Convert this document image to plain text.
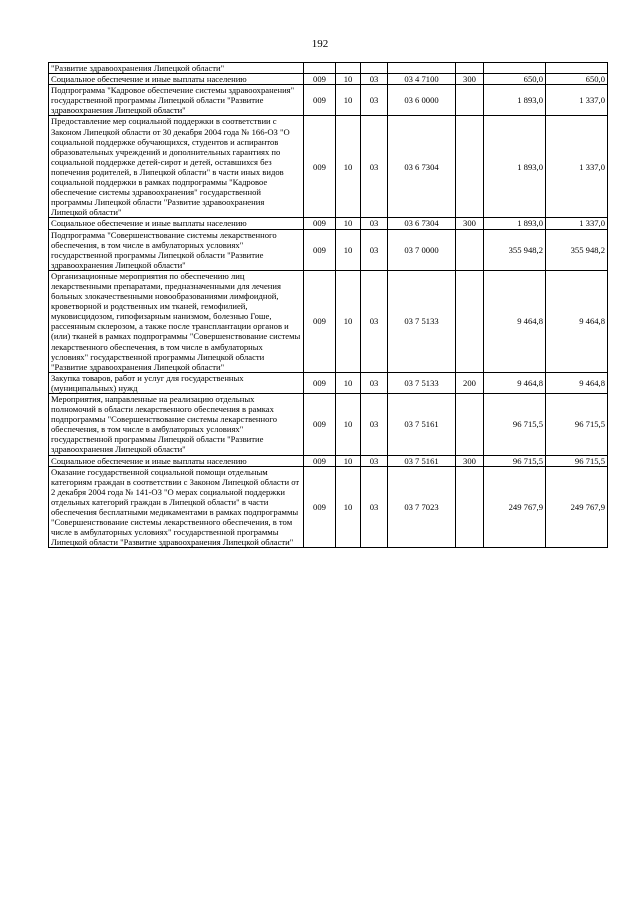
192
"Развитие здравоохранения Липецкой области"							
Социальное обеспечение и иные выплаты населению	009	10	03	03 4 7100	300	650,0	650,0
Подпрограмма "Кадровое обеспечение системы здравоохранения" государственной программы Липецкой области "Развитие здравоохранения Липецкой области"	009	10	03	03 6 0000		1 893,0	1 337,0
Предоставление мер социальной поддержки в соответствии с Законом Липецкой области от 30 декабря 2004 года № 166-ОЗ "О социальной поддержке обучающихся, студентов и аспирантов образовательных учреждений и дополнительных гарантиях по социальной поддержке детей-сирот и детей, оставшихся без попечения родителей, в Липецкой области" в части иных видов социальной поддержки в рамках подпрограммы "Кадровое обеспечение системы здравоохранения" государственной программы Липецкой области "Развитие здравоохранения Липецкой области"	009	10	03	03 6 7304		1 893,0	1 337,0
Социальное обеспечение и иные выплаты населению	009	10	03	03 6 7304	300	1 893,0	1 337,0
Подпрограмма "Совершенствование системы лекарственного обеспечения, в том числе в амбулаторных условиях" государственной программы Липецкой области "Развитие здравоохранения Липецкой области"	009	10	03	03 7 0000		355 948,2	355 948,2
Организационные мероприятия по обеспечению лиц лекарственными препаратами, предназначенными для лечения больных злокачественными новообразованиями лимфоидной, кроветворной и родственных им тканей, гемофилией, муковисцидозом, гипофизарным нанизмом, болезнью Гоше, рассеянным склерозом, а также после трансплантации органов и (или) тканей в рамках подпрограммы "Совершенствование системы лекарственного обеспечения, в том числе в амбулаторных условиях" государственной программы Липецкой области "Развитие здравоохранения Липецкой области"	009	10	03	03 7 5133		9 464,8	9 464,8
Закупка товаров, работ и услуг для государственных (муниципальных) нужд	009	10	03	03 7 5133	200	9 464,8	9 464,8
Мероприятия, направленные на реализацию отдельных полномочий в области лекарственного обеспечения в рамках подпрограммы "Совершенствование системы лекарственного обеспечения, в том числе в амбулаторных условиях" государственной программы Липецкой области "Развитие здравоохранения Липецкой области"	009	10	03	03 7 5161		96 715,5	96 715,5
Социальное обеспечение и иные выплаты населению	009	10	03	03 7 5161	300	96 715,5	96 715,5
Оказание государственной социальной помощи отдельным категориям граждан в соответствии с Законом Липецкой области от 2 декабря 2004 года № 141-ОЗ "О мерах социальной поддержки отдельных категорий граждан в Липецкой области" в части обеспечения бесплатными медикаментами в рамках подпрограммы "Совершенствование системы лекарственного обеспечения, в том числе в амбулаторных условиях" государственной программы Липецкой области "Развитие здравоохранения Липецкой области"	009	10	03	03 7 7023		249 767,9	249 767,9
